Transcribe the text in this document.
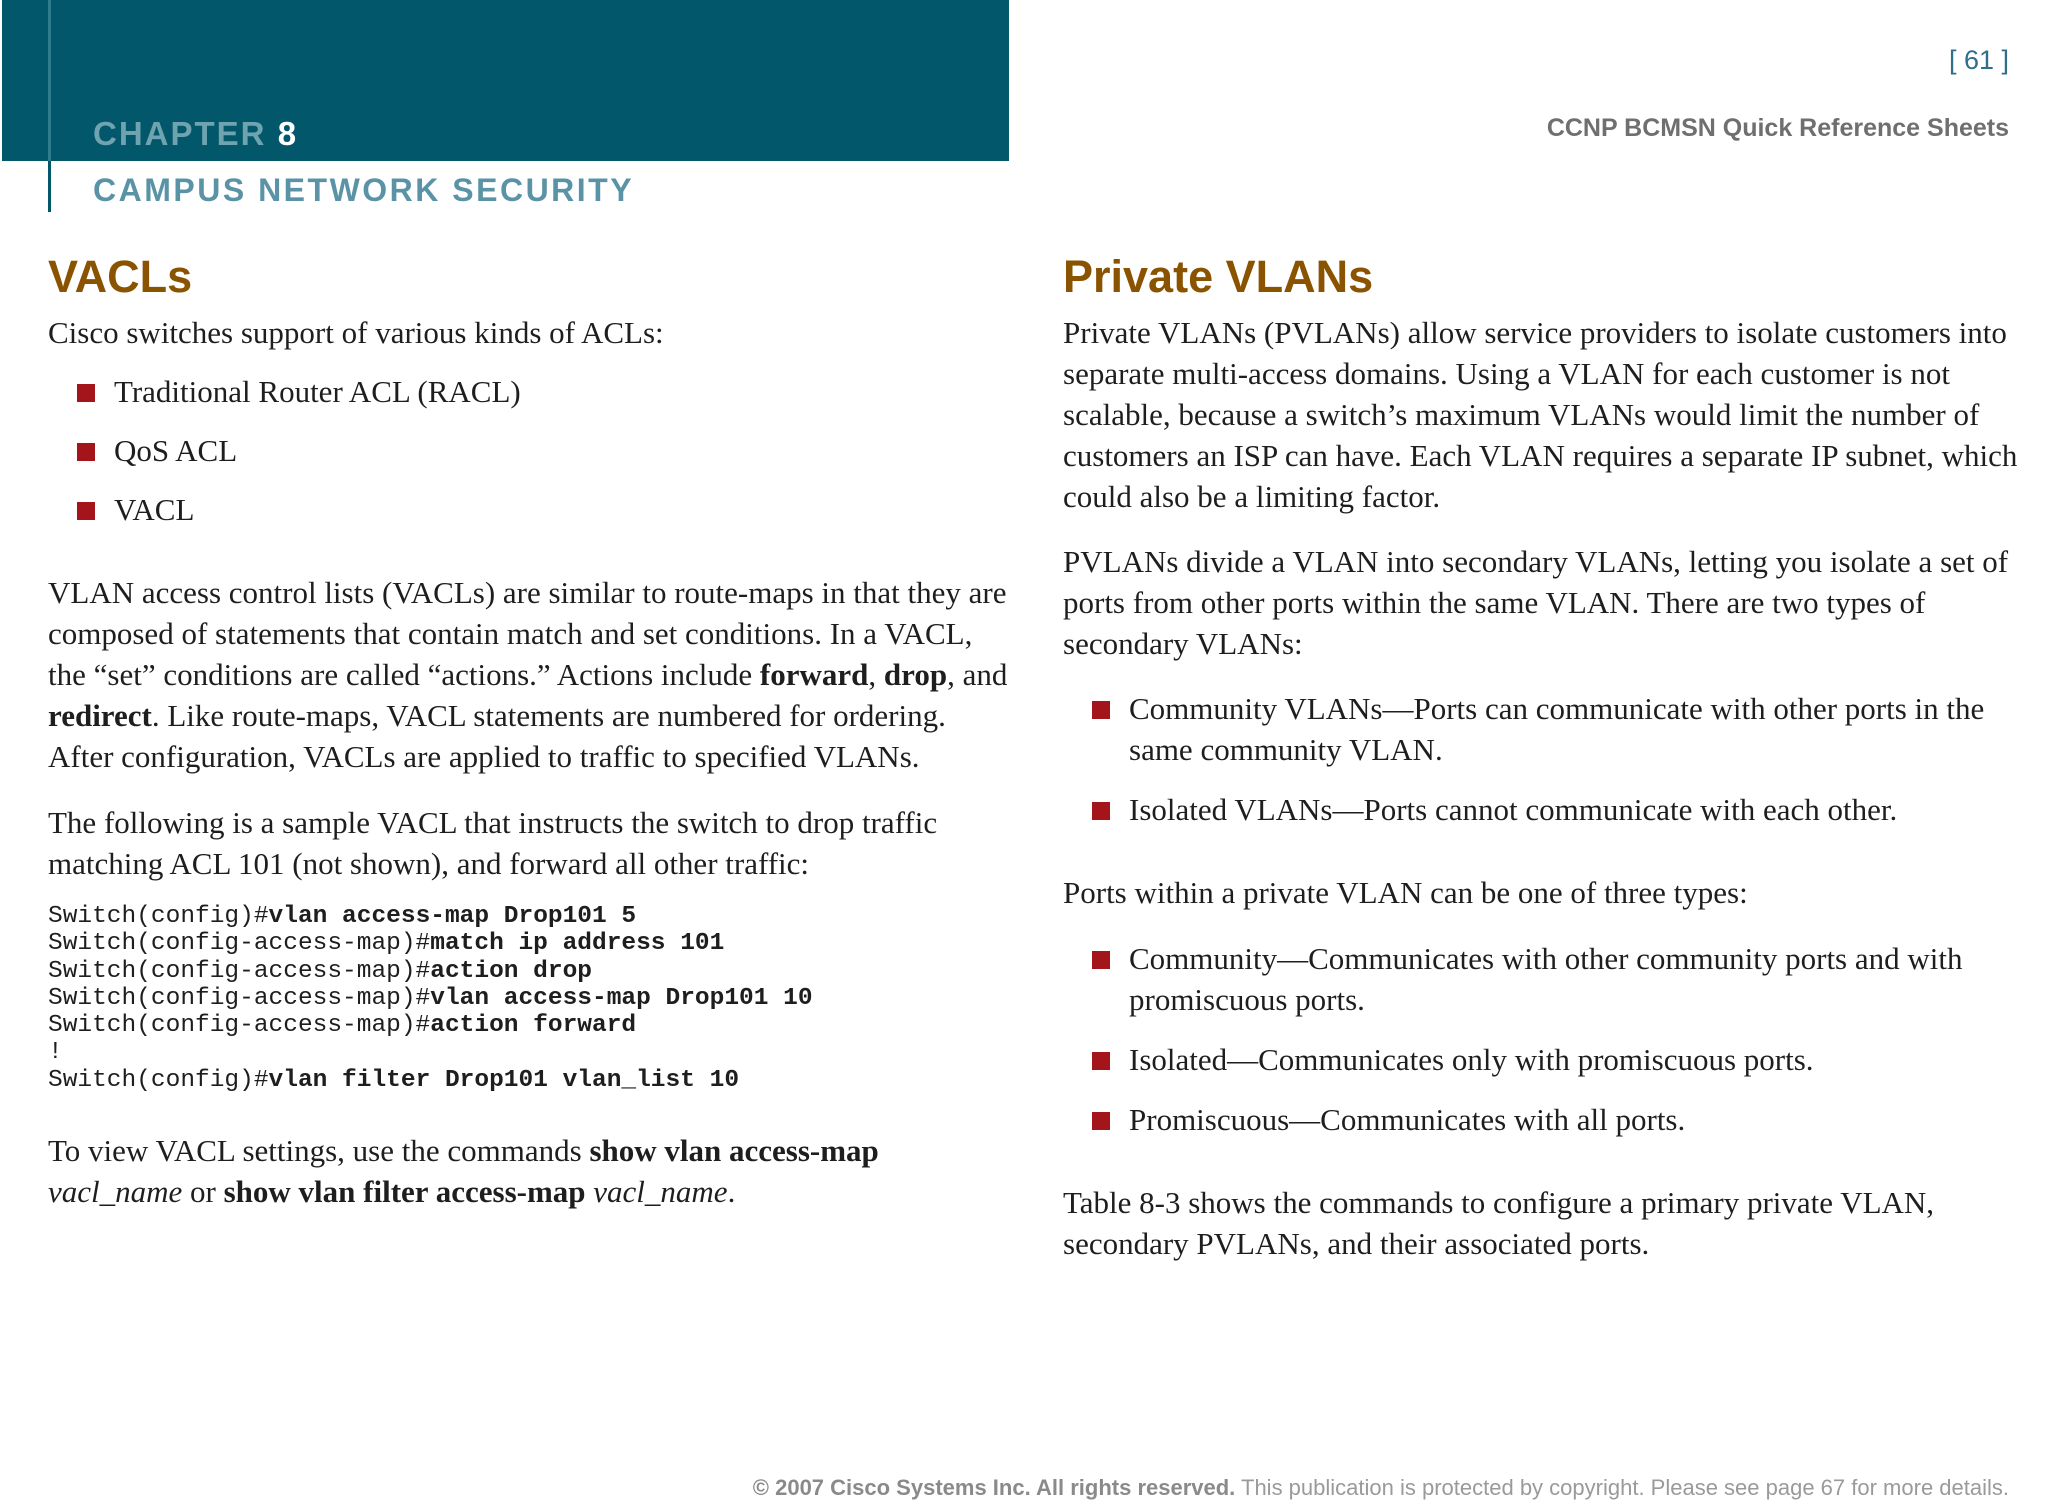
CHAPTER 8
CAMPUS NETWORK SECURITY
[ 61 ]
CCNP BCMSN Quick Reference Sheets
VACLs

Cisco switches support of various kinds of ACLs:

Traditional Router ACL (RACL)
QoS ACL
VACL

VLAN access control lists (VACLs) are similar to route-maps in that they are composed of statements that contain match and set conditions. In a VACL, the “set” conditions are called “actions.” Actions include forward, drop, and redirect. Like route-maps, VACL statements are numbered for ordering. After configuration, VACLs are applied to traffic to specified VLANs.

The following is a sample VACL that instructs the switch to drop traffic matching ACL 101 (not shown), and forward all other traffic:

Switch(config)#vlan access-map Drop101 5
Switch(config-access-map)#match ip address 101
Switch(config-access-map)#action drop
Switch(config-access-map)#vlan access-map Drop101 10
Switch(config-access-map)#action forward
!
Switch(config)#vlan filter Drop101 vlan_list 10

To view VACL settings, use the commands show vlan access-map vacl_name or show vlan filter access-map vacl_name.

Private VLANs

Private VLANs (PVLANs) allow service providers to isolate customers into separate multi-access domains. Using a VLAN for each customer is not scalable, because a switch’s maximum VLANs would limit the number of customers an ISP can have. Each VLAN requires a separate IP subnet, which could also be a limiting factor.

PVLANs divide a VLAN into secondary VLANs, letting you isolate a set of ports from other ports within the same VLAN. There are two types of secondary VLANs:

Community VLANs—Ports can communicate with other ports in the same community VLAN.
Isolated VLANs—Ports cannot communicate with each other.

Ports within a private VLAN can be one of three types:

Community—Communicates with other community ports and with promiscuous ports.
Isolated—Communicates only with promiscuous ports.
Promiscuous—Communicates with all ports.

Table 8-3 shows the commands to configure a primary private VLAN, secondary PVLANs, and their associated ports.

© 2007 Cisco Systems Inc. All rights reserved. This publication is protected by copyright. Please see page 67 for more details.
